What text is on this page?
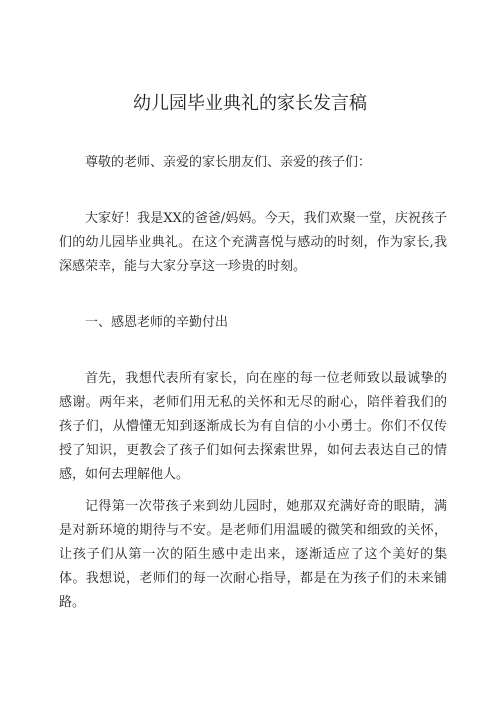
幼儿园毕业典礼的家长发言稿

尊敬的老师、亲爱的家长朋友们、亲爱的孩子们：

大家好！我是XX的爸爸/妈妈。今天，我们欢聚一堂，庆祝孩子们的幼儿园毕业典礼。在这个充满喜悦与感动的时刻，作为家长,我深感荣幸，能与大家分享这一珍贵的时刻。

一、感恩老师的辛勤付出

首先，我想代表所有家长，向在座的每一位老师致以最诚挚的感谢。两年来，老师们用无私的关怀和无尽的耐心，陪伴着我们的孩子们，从懵懂无知到逐渐成长为有自信的小小勇士。你们不仅传授了知识，更教会了孩子们如何去探索世界，如何去表达自己的情感，如何去理解他人。

记得第一次带孩子来到幼儿园时，她那双充满好奇的眼睛，满是对新环境的期待与不安。是老师们用温暖的微笑和细致的关怀，让孩子们从第一次的陌生感中走出来，逐渐适应了这个美好的集体。我想说，老师们的每一次耐心指导，都是在为孩子们的未来铺路。
